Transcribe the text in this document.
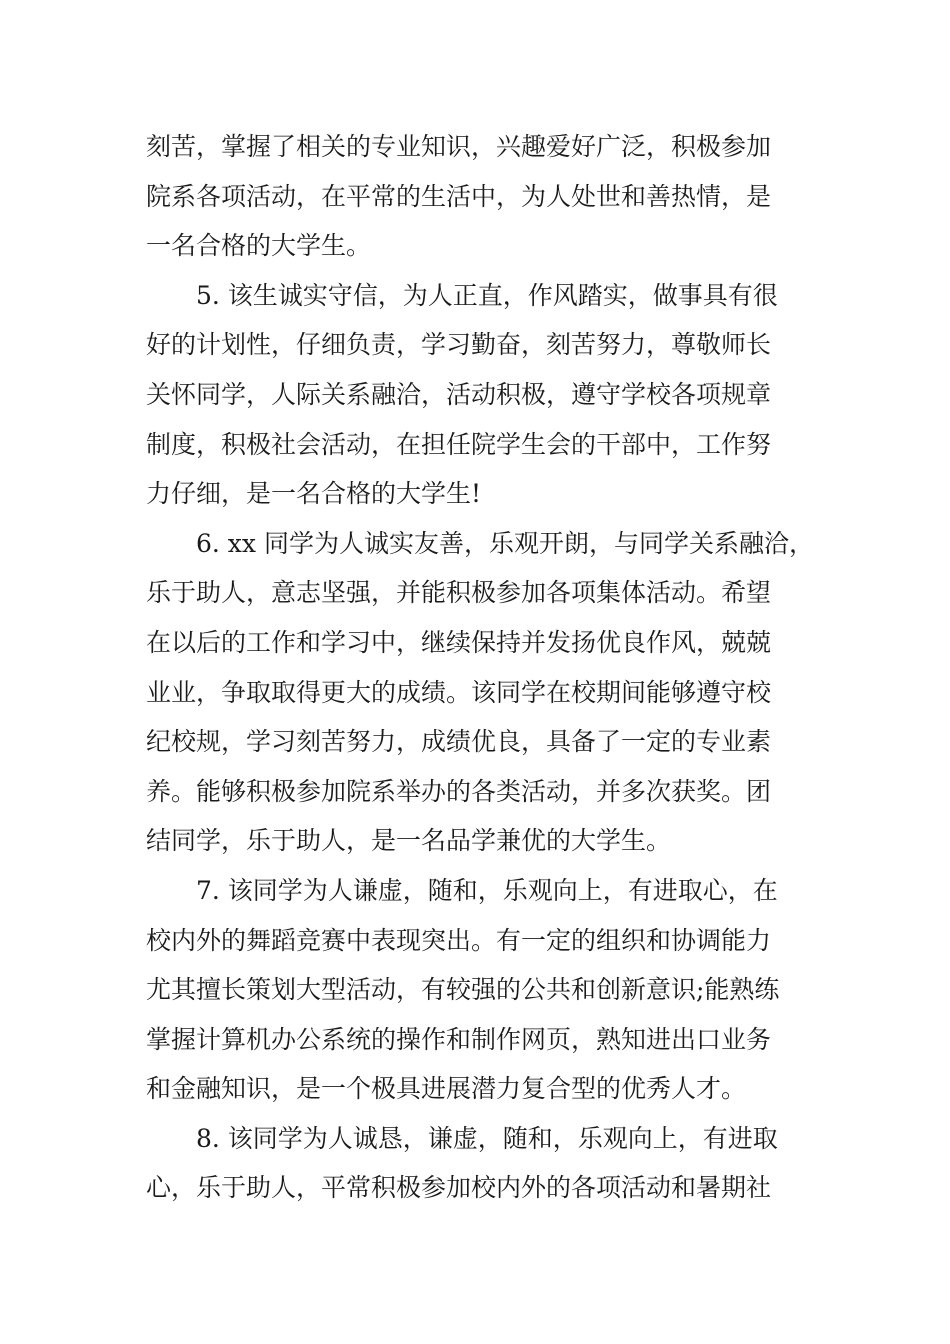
刻苦，掌握了相关的专业知识，兴趣爱好广泛，积极参加
院系各项活动，在平常的生活中，为人处世和善热情，是
一名合格的大学生。
5. 该生诚实守信，为人正直，作风踏实，做事具有很
好的计划性，仔细负责，学习勤奋，刻苦努力，尊敬师长
关怀同学，人际关系融洽，活动积极，遵守学校各项规章
制度，积极社会活动，在担任院学生会的干部中，工作努
力仔细，是一名合格的大学生!
6. xx 同学为人诚实友善，乐观开朗，与同学关系融洽，
乐于助人，意志坚强，并能积极参加各项集体活动。希望
在以后的工作和学习中，继续保持并发扬优良作风，兢兢
业业，争取取得更大的成绩。该同学在校期间能够遵守校
纪校规，学习刻苦努力，成绩优良，具备了一定的专业素
养。能够积极参加院系举办的各类活动，并多次获奖。团
结同学，乐于助人，是一名品学兼优的大学生。
7. 该同学为人谦虚，随和，乐观向上，有进取心，在
校内外的舞蹈竞赛中表现突出。有一定的组织和协调能力
尤其擅长策划大型活动，有较强的公共和创新意识;能熟练
掌握计算机办公系统的操作和制作网页，熟知进出口业务
和金融知识，是一个极具进展潜力复合型的优秀人才。
8. 该同学为人诚恳，谦虚，随和，乐观向上，有进取
心，乐于助人，平常积极参加校内外的各项活动和暑期社
